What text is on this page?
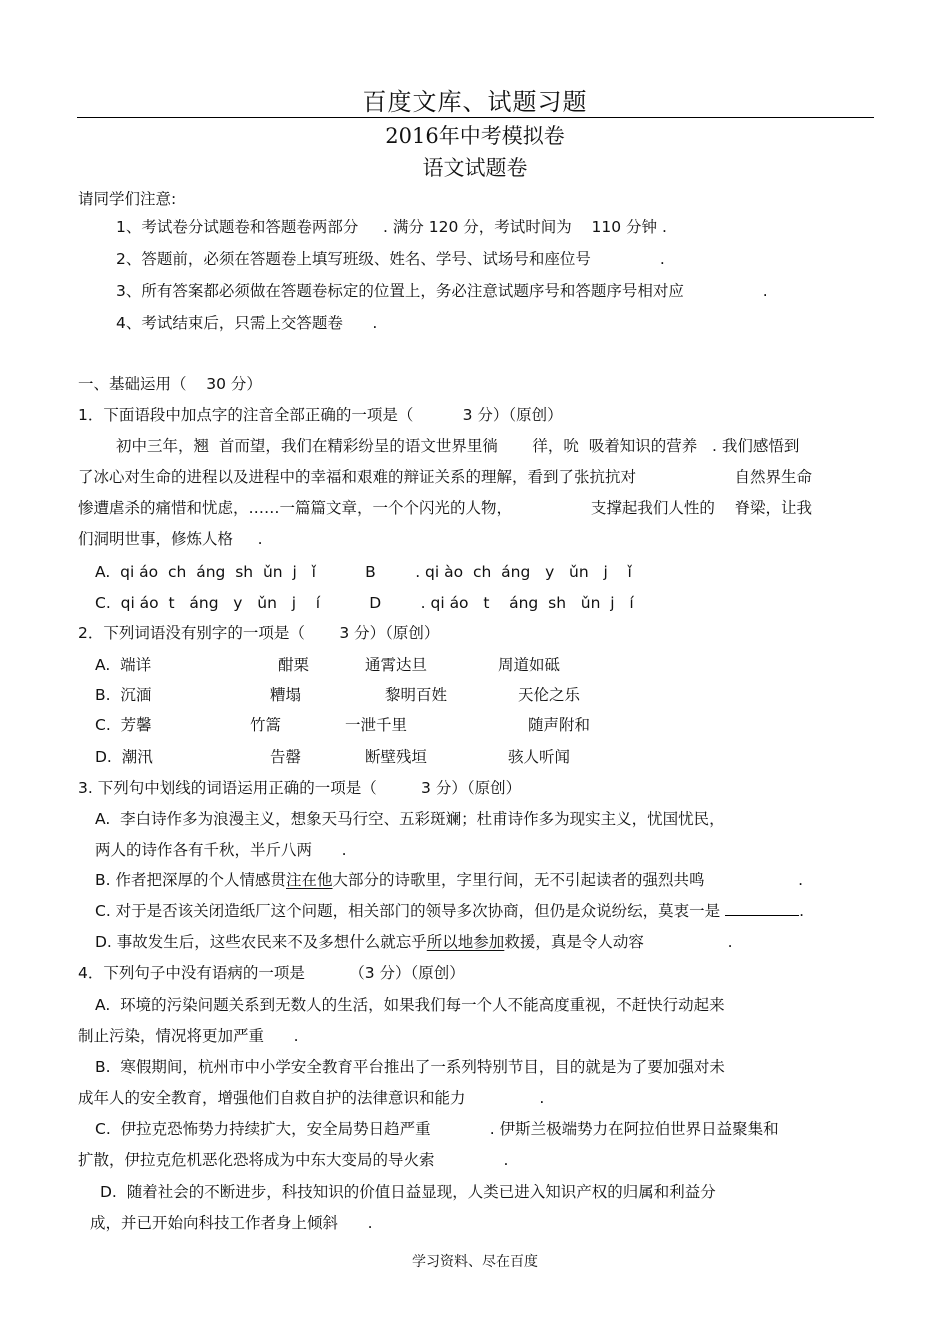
百度文库、试题习题
2016年中考模拟卷
语文试题卷
请同学们注意:
1、考试卷分试题卷和答题卷两部分     . 满分 120 分，考试时间为    110 分钟 .
2、答题前，必须在答题卷上填写班级、姓名、学号、试场号和座位号              .
3、所有答案都必须做在答题卷标定的位置上，务必注意试题序号和答题序号相对应                .
4、考试结束后，只需上交答题卷      .
一、基础运用（    30 分）
1．下面语段中加点字的注音全部正确的一项是（          3 分）（原创）
初中三年，翘  首而望，我们在精彩纷呈的语文世界里徜       徉，吮  吸着知识的营养   . 我们感悟到
了冰心对生命的进程以及进程中的幸福和艰难的辩证关系的理解，看到了张抗抗对                    自然界生命
惨遭虐杀的痛惜和忧虑，……一篇篇文章，一个个闪光的人物，                支撑起我们人性的    脊梁，让我
们洞明世事，修炼人格     .
A.  qi áo  ch  áng  sh  ǔn  j   ǐ          B        . qi ào  ch  áng   y   ǔn   j    ǐ
C.  qi áo  t   áng   y   ǔn   j    í          D        . qi áo   t    áng  sh   ǔn  j   í
2．下列词语没有别字的一项是（       3 分）（原创）
A.  端详	酣栗	通霄达旦	周道如砥
B.  沉湎	糟塌	黎明百姓	天伦之乐
C.  芳馨	竹篙	一泄千里	随声附和
D.  潮汛	告罄	断壁残垣	骇人听闻
3. 下列句中划线的词语运用正确的一项是（         3 分）（原创）
A.  李白诗作多为浪漫主义，想象天马行空、五彩斑斓；杜甫诗作多为现实主义，忧国忧民，
两人的诗作各有千秋，半斤八两      .
B. 作者把深厚的个人情感贯注在他大部分的诗歌里，字里行间，无不引起读者的强烈共鸣                   .
C. 对于是否该关闭造纸厂这个问题，相关部门的领导多次协商，但仍是众说纷纭，莫衷一是	.
D. 事故发生后，这些农民来不及多想什么就忘乎所以地参加救援，真是令人动容                 .
4．下列句子中没有语病的一项是         （3 分）（原创）
A.  环境的污染问题关系到无数人的生活，如果我们每一个人不能高度重视，不赶快行动起来
制止污染，情况将更加严重      .
B.  寒假期间，杭州市中小学安全教育平台推出了一系列特别节目，目的就是为了要加强对未
成年人的安全教育，增强他们自救自护的法律意识和能力               .
C.  伊拉克恐怖势力持续扩大，安全局势日趋严重            . 伊斯兰极端势力在阿拉伯世界日益聚集和
扩散，伊拉克危机恶化恐将成为中东大变局的导火索              .
D.  随着社会的不断进步，科技知识的价值日益显现，人类已进入知识产权的归属和利益分
成，并已开始向科技工作者身上倾斜      .
学习资料、尽在百度
